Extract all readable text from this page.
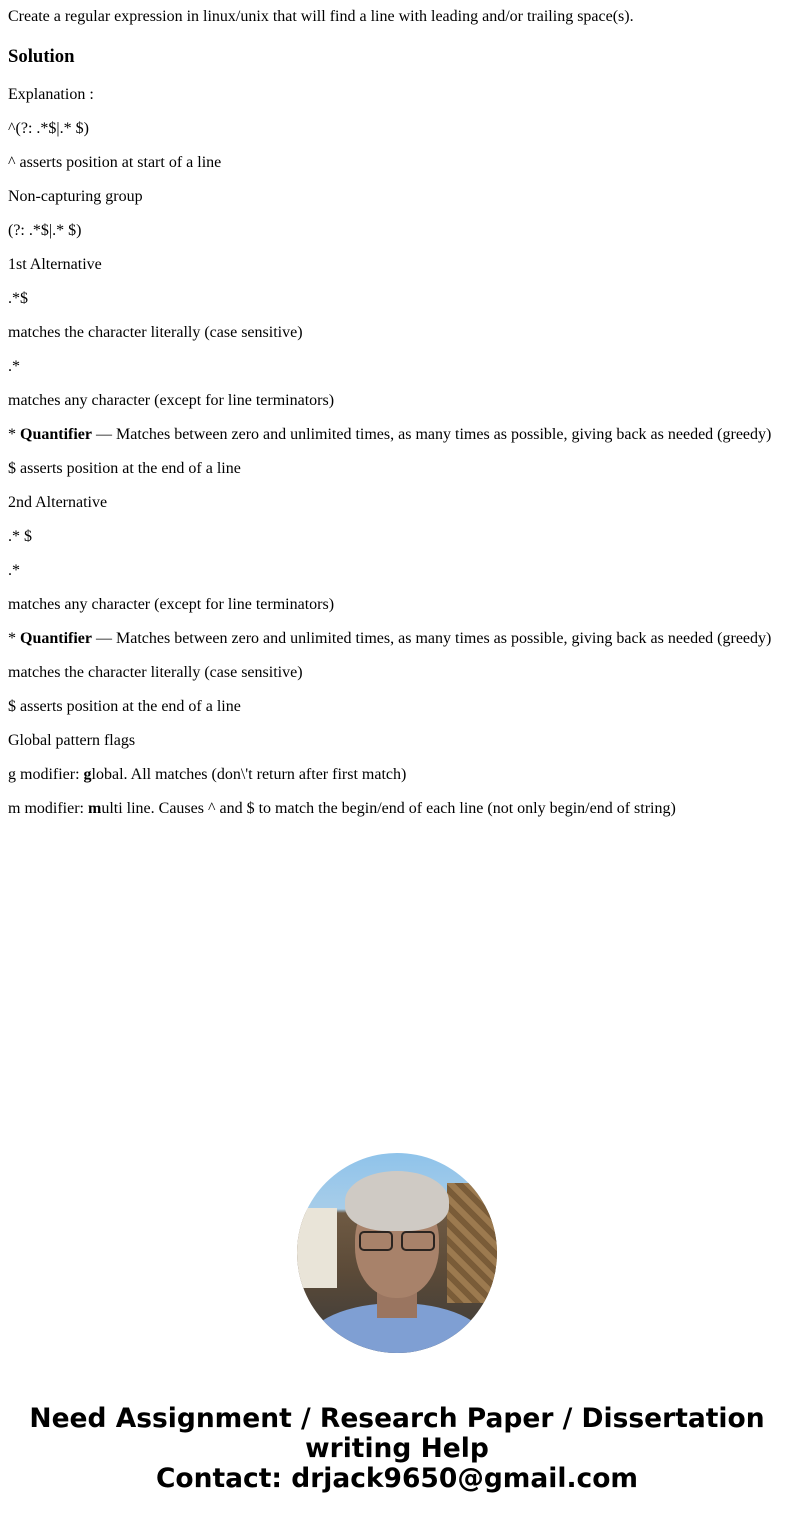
Create a regular expression in linux/unix that will find a line with leading and/or trailing space(s).

Solution

Explanation :

^(?: .*$|.* $)

^ asserts position at start of a line

Non-capturing group

(?: .*$|.* $)

1st Alternative

.*$

matches the character literally (case sensitive)

.*

matches any character (except for line terminators)

* Quantifier — Matches between zero and unlimited times, as many times as possible, giving back as needed (greedy)

$ asserts position at the end of a line

2nd Alternative

.* $

.*

matches any character (except for line terminators)

* Quantifier — Matches between zero and unlimited times, as many times as possible, giving back as needed (greedy)

matches the character literally (case sensitive)

$ asserts position at the end of a line

Global pattern flags

g modifier: global. All matches (don\'t return after first match)

m modifier: multi line. Causes ^ and $ to match the begin/end of each line (not only begin/end of string)

Need Assignment / Research Paper / Dissertation
writing Help
Contact: drjack9650@gmail.com
